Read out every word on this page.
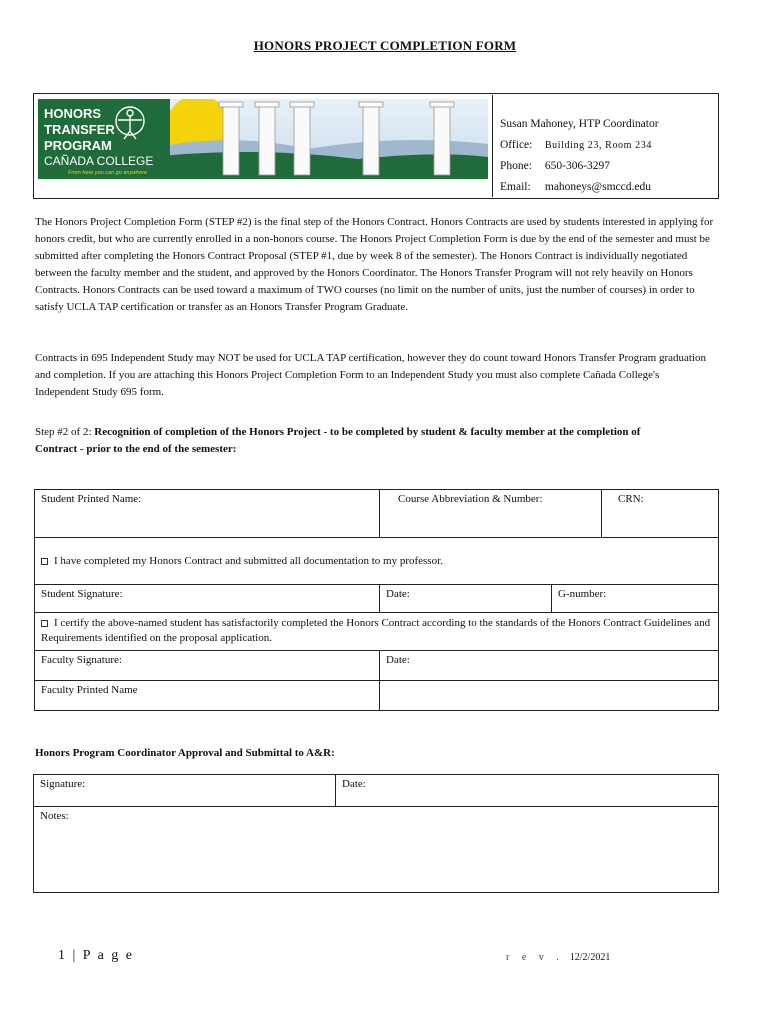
HONORS PROJECT COMPLETION FORM
HONORS
TRANSFER
PROGRAM
CAÑADA COLLEGE
From here you can go anywhere
Susan Mahoney, HTP Coordinator
Office: Building 23, Room 234
Phone: 650-306-3297
Email: mahoneys@smccd.edu
The Honors Project Completion Form (STEP #2) is the final step of the Honors Contract. Honors Contracts are used by students interested in applying for honors credit, but who are currently enrolled in a non-honors course. The Honors Project Completion Form is due by the end of the semester and must be submitted after completing the Honors Contract Proposal (STEP #1, due by week 8 of the semester). The Honors Contract is individually negotiated between the faculty member and the student, and approved by the Honors Coordinator. The Honors Transfer Program will not rely heavily on Honors Contracts. Honors Contracts can be used toward a maximum of TWO courses (no limit on the number of units, just the number of courses) in order to satisfy UCLA TAP certification or transfer as an Honors Transfer Program Graduate.
Contracts in 695 Independent Study may NOT be used for UCLA TAP certification, however they do count toward Honors Transfer Program graduation and completion. If you are attaching this Honors Project Completion Form to an Independent Study you must also complete Cañada College's Independent Study 695 form.
Step #2 of 2: Recognition of completion of the Honors Project - to be completed by student & faculty member at the completion of Contract - prior to the end of the semester:
Student Printed Name:	Course Abbreviation & Number:	CRN:
I have completed my Honors Contract and submitted all documentation to my professor.
Student Signature:	Date:	G-number:
I certify the above-named student has satisfactorily completed the Honors Contract according to the standards of the Honors Contract Guidelines and Requirements identified on the proposal application.
Faculty Signature:	Date:
Faculty Printed Name
Honors Program Coordinator Approval and Submittal to A&R:
Signature:	Date:
Notes:
1 | P a g e	r e v . 12/2/2021
